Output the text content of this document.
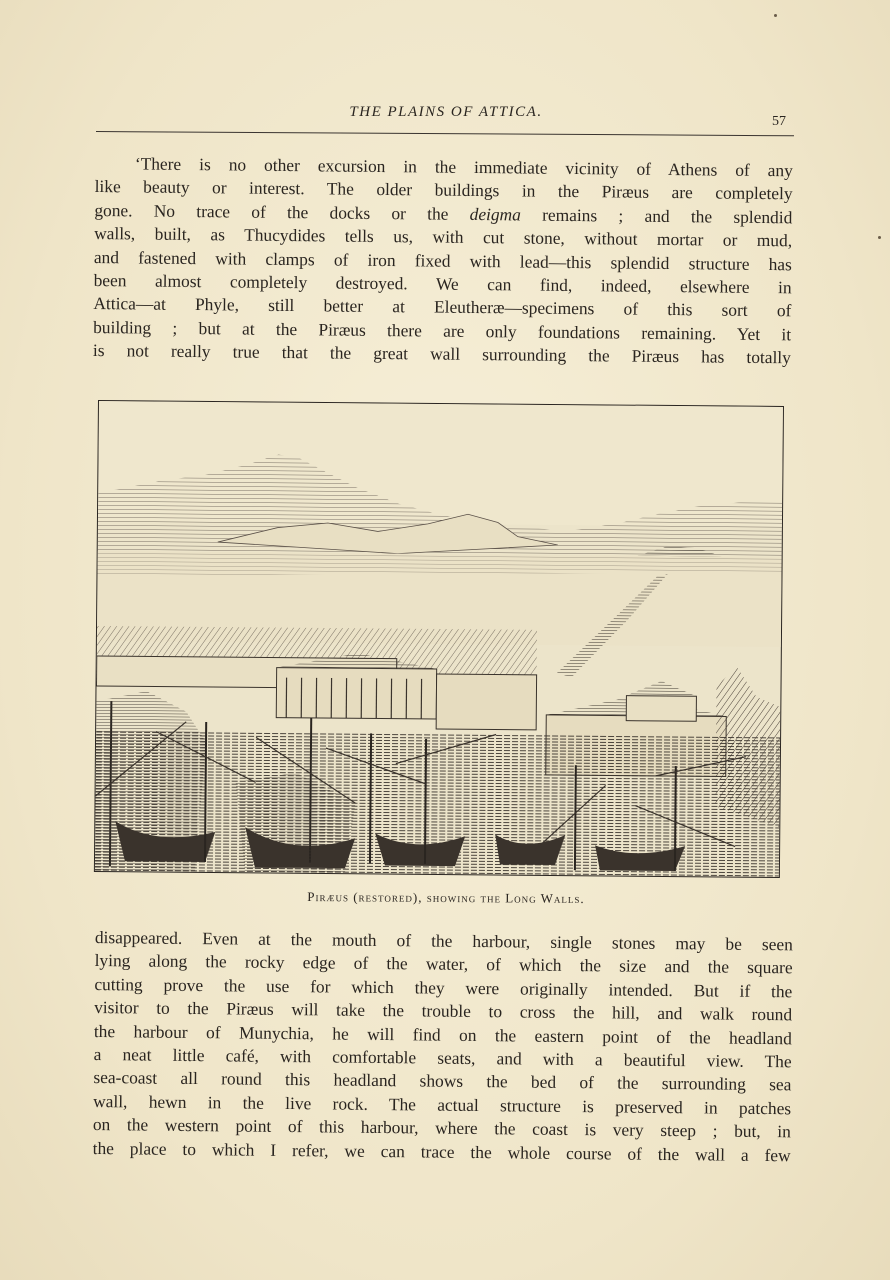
THE PLAINS OF ATTICA.
57
‘There is no other excursion in the immediate vicinity of Athens of any
like beauty or interest. The older buildings in the Piræus are completely
gone. No trace of the docks or the deigma remains ; and the splendid
walls, built, as Thucydides tells us, with cut stone, without mortar or mud,
and fastened with clamps of iron fixed with lead—this splendid structure has
been almost completely destroyed. We can find, indeed, elsewhere in
Attica—at Phyle, still better at Eleutheræ—specimens of this sort of
building ; but at the Piræus there are only foundations remaining. Yet it
is not really true that the great wall surrounding the Piræus has totally
Piræus (restored), showing the Long Walls.
disappeared. Even at the mouth of the harbour, single stones may be seen
lying along the rocky edge of the water, of which the size and the square
cutting prove the use for which they were originally intended. But if the
visitor to the Piræus will take the trouble to cross the hill, and walk round
the harbour of Munychia, he will find on the eastern point of the headland
a neat little café, with comfortable seats, and with a beautiful view. The
sea-coast all round this headland shows the bed of the surrounding sea
wall, hewn in the live rock. The actual structure is preserved in patches
on the western point of this harbour, where the coast is very steep ; but, in
the place to which I refer, we can trace the whole course of the wall a few
